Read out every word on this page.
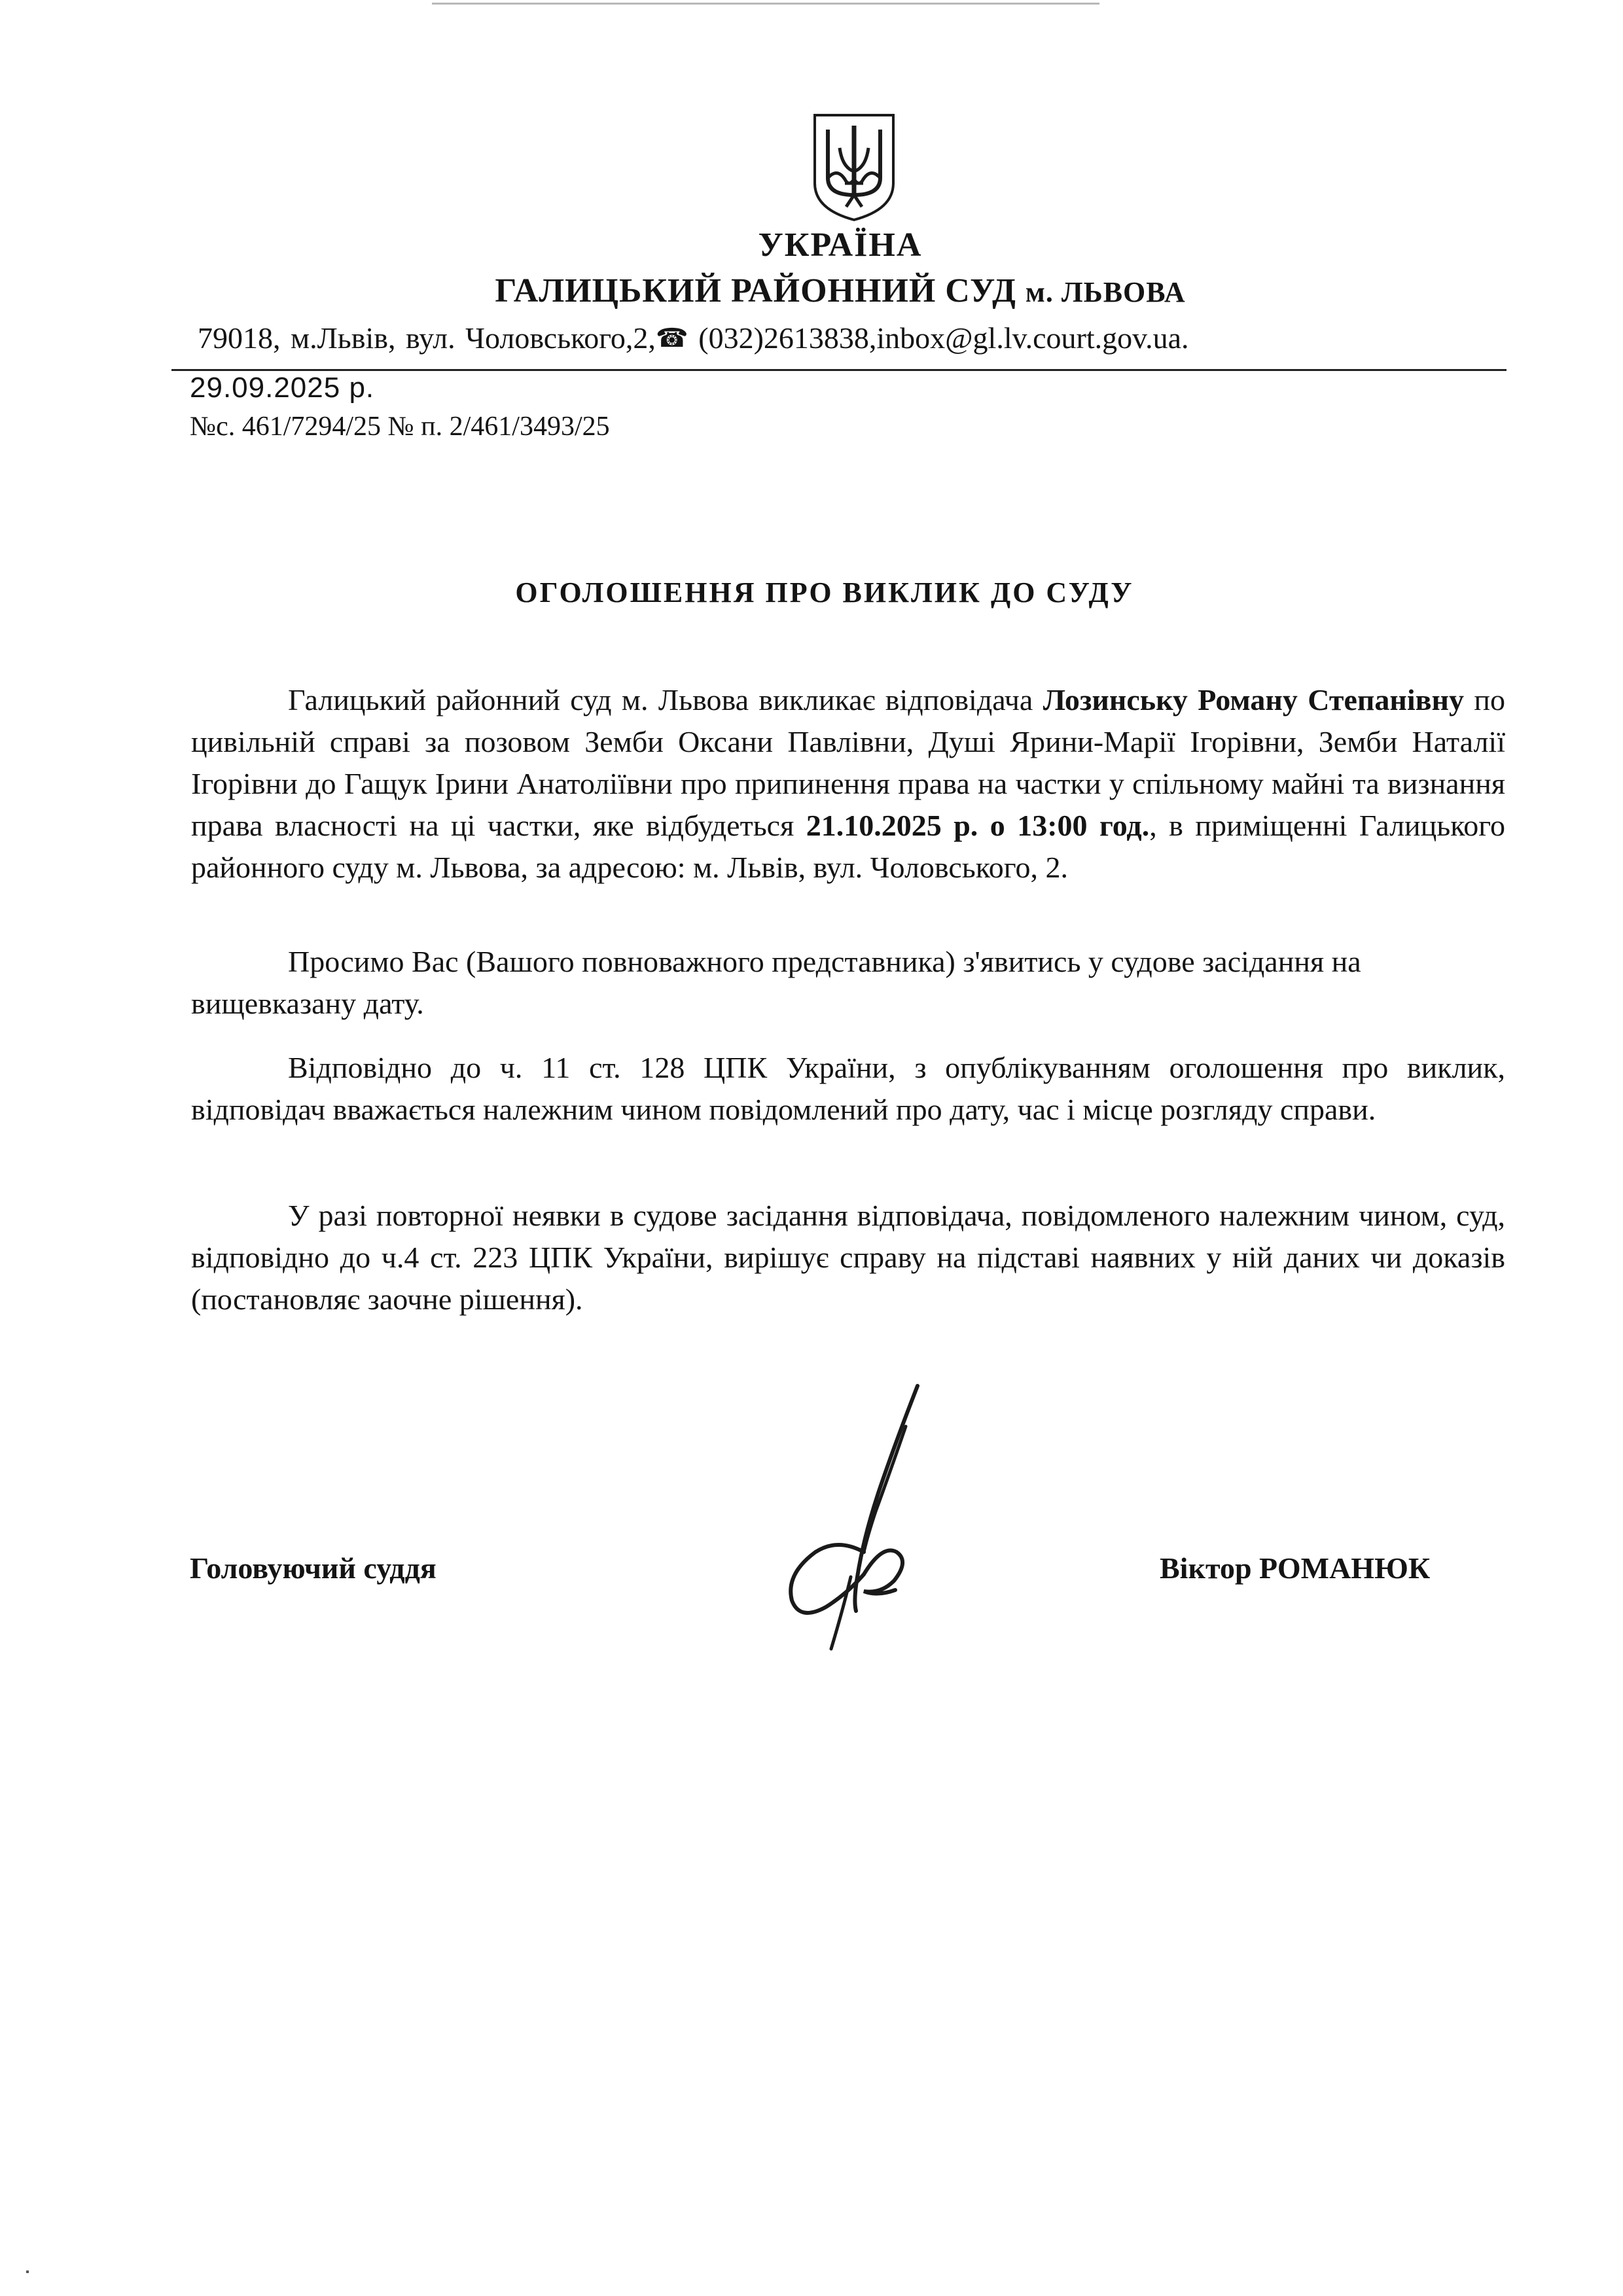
УКРАЇНА
ГАЛИЦЬКИЙ РАЙОННИЙ СУД м. ЛЬВОВА
79018, м.Львів, вул. Чоловського,2,☎ (032)2613838,inbox@gl.lv.court.gov.ua.
29.09.2025 р.
№с. 461/7294/25 № п. 2/461/3493/25
ОГОЛОШЕННЯ ПРО ВИКЛИК ДО СУДУ

Галицький районний суд м. Львова викликає відповідача Лозинську Роману Степанівну по цивільній справі за позовом Земби Оксани Павлівни, Душі Ярини-Марії Ігорівни, Земби Наталії Ігорівни до Гащук Ірини Анатоліївни про припинення права на частки у спільному майні та визнання права власності на ці частки, яке відбудеться 21.10.2025 р. о 13:00 год., в приміщенні Галицького районного суду м. Львова, за адресою: м. Львів, вул. Чоловського, 2.

Просимо Вас (Вашого повноважного представника) з'явитись у судове засідання на вищевказану дату.

Відповідно до ч. 11 ст. 128 ЦПК України, з опублікуванням оголошення про виклик, відповідач вважається належним чином повідомлений про дату, час і місце розгляду справи.

У разі повторної неявки в судове засідання відповідача, повідомленого належним чином, суд, відповідно до ч.4 ст. 223 ЦПК України, вирішує справу на підставі наявних у ній даних чи доказів (постановляє заочне рішення).

Головуючий суддя	Віктор РОМАНЮК
